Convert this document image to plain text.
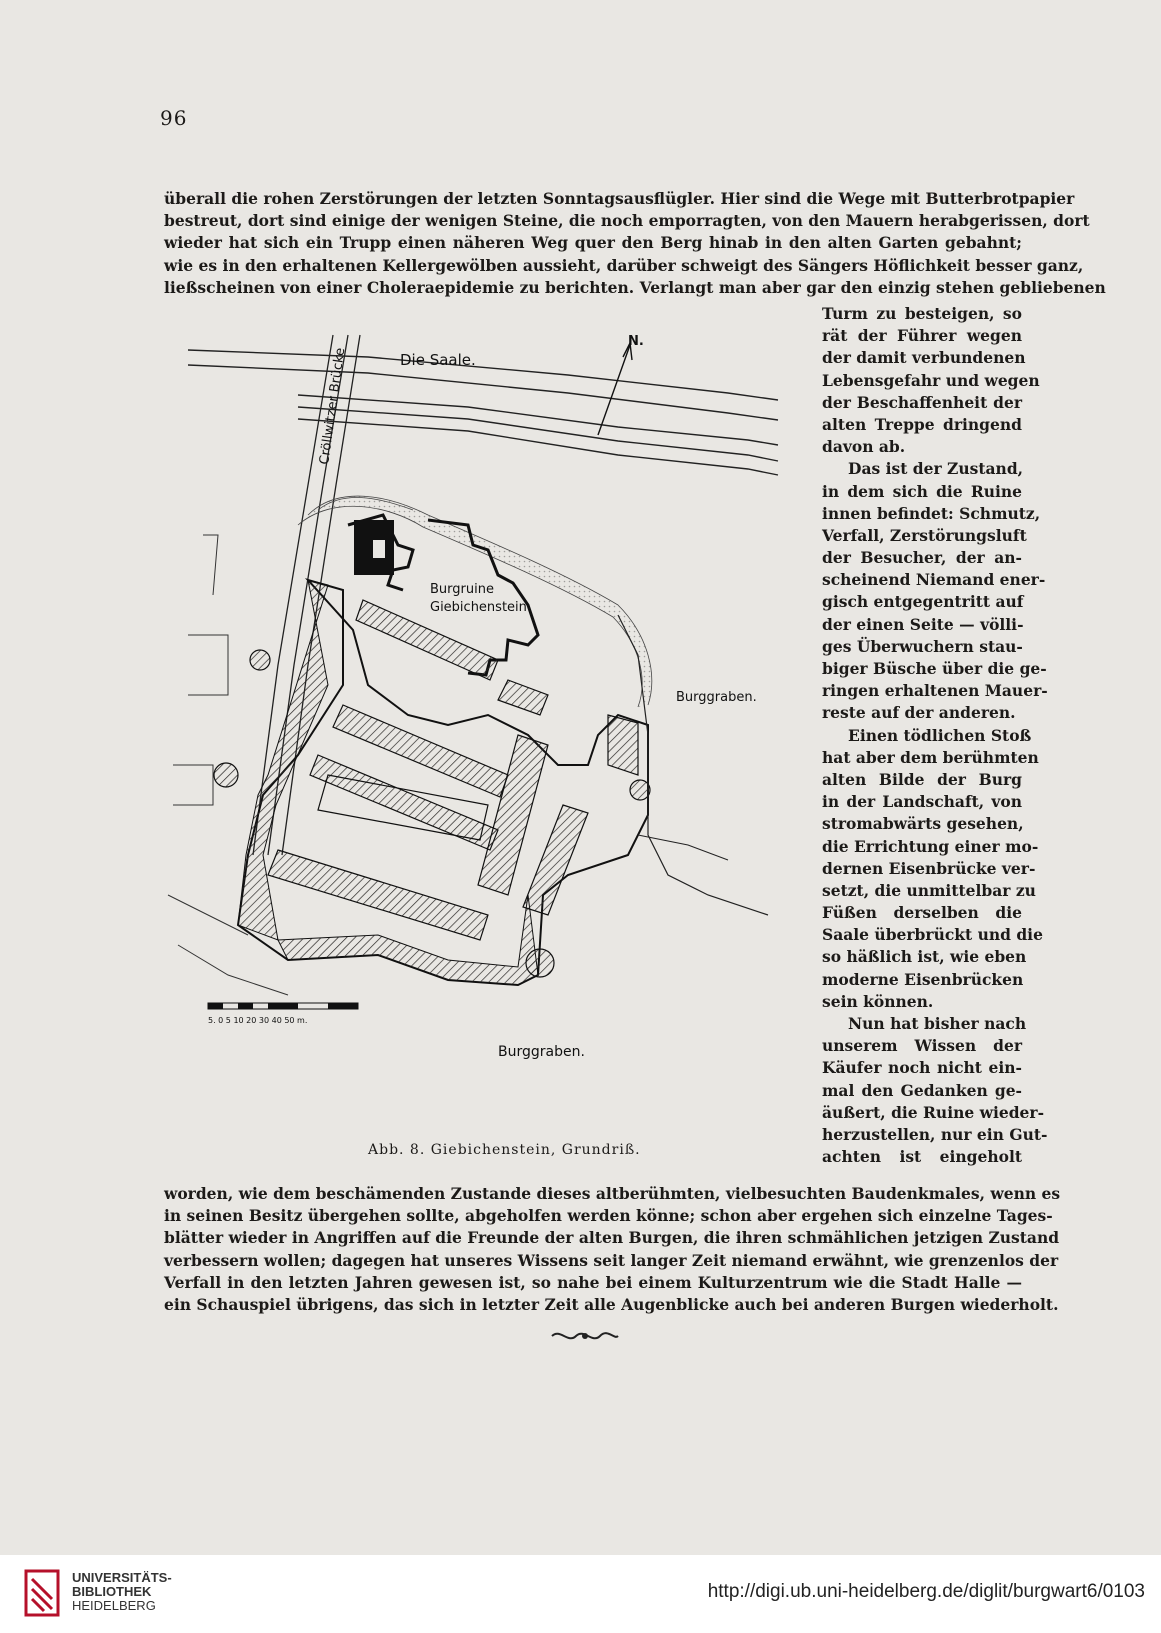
96
überall die rohen Zerstörungen der letzten Sonntagsausflügler. Hier sind die Wege mit Butterbrotpapier
bestreut, dort sind einige der wenigen Steine, die noch emporragten, von den Mauern herabgerissen, dort
wieder hat sich ein Trupp einen näheren Weg quer den Berg hinab in den alten Garten gebahnt;
wie es in den erhaltenen Kellergewölben aussieht, darüber schweigt des Sängers Höflichkeit besser ganz,
ließscheinen von einer Choleraepidemie zu berichten. Verlangt man aber gar den einzig stehen gebliebenen
Turm zu besteigen, so
rät der Führer wegen
der damit verbundenen
Lebensgefahr und wegen
der Beschaffenheit der
alten Treppe dringend
davon ab.
Das ist der Zustand,
in dem sich die Ruine
innen befindet: Schmutz,
Verfall, Zerstörungsluft
der Besucher, der an-
scheinend Niemand ener-
gisch entgegentritt auf
der einen Seite — völli-
ges Überwuchern stau-
biger Büsche über die ge-
ringen erhaltenen Mauer-
reste auf der anderen.
Einen tödlichen Stoß
hat aber dem berühmten
alten Bilde der Burg
in der Landschaft, von
stromabwärts gesehen,
die Errichtung einer mo-
dernen Eisenbrücke ver-
setzt, die unmittelbar zu
Füßen derselben die
Saale überbrückt und die
so häßlich ist, wie eben
moderne Eisenbrücken
sein können.
Nun hat bisher nach
unserem Wissen der
Käufer noch nicht ein-
mal den Gedanken ge-
äußert, die Ruine wieder-
herzustellen, nur ein Gut-
achten ist eingeholt
Cröllwitzer Brücke
5. 0 5 10 20 30 40 50 m.
Die Saale.
N.
Burgruine
Giebichenstein
Burggraben.
Burggraben.
Abb. 8. Giebichenstein, Grundriß.
worden, wie dem beschämenden Zustande dieses altberühmten, vielbesuchten Baudenkmales, wenn es
in seinen Besitz übergehen sollte, abgeholfen werden könne; schon aber ergehen sich einzelne Tages-
blätter wieder in Angriffen auf die Freunde der alten Burgen, die ihren schmählichen jetzigen Zustand
verbessern wollen; dagegen hat unseres Wissens seit langer Zeit niemand erwähnt, wie grenzenlos der
Verfall in den letzten Jahren gewesen ist, so nahe bei einem Kulturzentrum wie die Stadt Halle —
ein Schauspiel übrigens, das sich in letzter Zeit alle Augenblicke auch bei anderen Burgen wiederholt.
UNIVERSITÄTS-
BIBLIOTHEK
HEIDELBERG
http://digi.ub.uni-heidelberg.de/diglit/burgwart6/0103
